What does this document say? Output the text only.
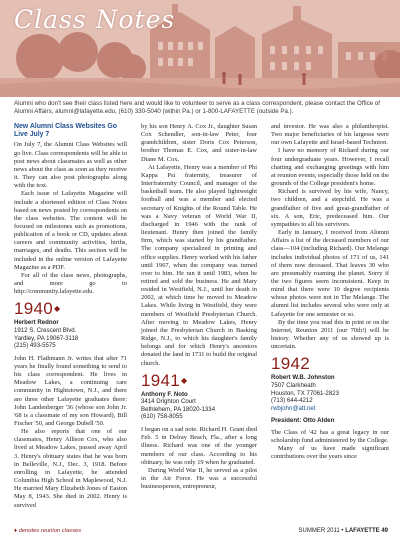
Class Notes
Alumni who don't see their class listed here and would like to volunteer to serve as a class correspondent, please contact the Office of Alumni Affairs, alumni@lafayette.edu, (610) 330-5040 (within Pa.) or 1-800-LAFAYETTE (outside Pa.).
New Alumni Class Websites Go Live July 7

On July 7, the Alumni Class Websites will go live. Class correspondents will be able to post news about classmates as well as other news about the class as soon as they receive it. They can also post photographs along with the text.

Each issue of Lafayette Magazine will include a shortened edition of Class Notes based on news posted by correspondents on the class websites. The content will be focused on milestones such as promotions, publication of a book or CD, updates about careers and community activities, births, marriages, and deaths. This section will be included in the online version of Lafayette Magazine as a PDF.

For all of the class news, photographs, and more go to http://community.lafayette.edu.

1940◆
Herbert Rednor
1912 S. Crescent Blvd.
Yardley, PA 19067-3118
(215) 493-5575

John H. Flathmann Jr. writes that after 71 years he finally found something to send to his class correspondent. He lives in Meadow Lakes, a continuing care community in Hightstown, N.J., and there are three other Lafayette graduates there: John Landenberger '36 (whose son John Jr. '68 is a classmate of my son Howard), Bill Fischer '50, and George Dubell '50.

He also reports that one of our classmates, Henry Allison Cox, who also lived at Meadow Lakes, passed away April 3. Henry's obituary states that he was born in Belleville, N.J., Dec. 3, 1918. Before enrolling in Lafayette, he attended Columbia High School in Maplewood, N.J. He married Mary Elizabeth Jones of Easton May 8, 1943. She died in 2002. Henry is survived

by his son Henry A. Cox Jr., daughter Susan Cox Schendler, son-in-law Peter, four grandchildren, sister Doris Cox Peterson, brother Thomas E. Cox, and sister-in-law Diane M. Cox.

At Lafayette, Henry was a member of Phi Kappa Psi fraternity, treasurer of Interfraternity Council, and manager of the basketball team. He also played lightweight football and was a member and elected secretary of Knights of the Round Table. He was a Navy veteran of World War II, discharged in 1946 with the rank of lieutenant. Henry then joined the family firm, which was started by his grandfather. The company specialized in printing and office supplies. Henry worked with his father until 1967, when the company was turned over to him. He ran it until 1983, when he retired and sold the business. He and Mary resided in Westfield, N.J., until her death in 2002, at which time he moved to Meadow Lakes. While living in Westfield, they were members of Westfield Presbyterian Church. After moving to Meadow Lakes, Henry joined the Presbyterian Church in Basking Ridge, N.J., to which his daughter's family belongs and for which Henry's ancestors donated the land in 1731 to build the original church.

1941◆
Anthony F. Noto
3414 Drighton Court
Bethlehem, PA 18020-1334
(610) 758-8055

I began on a sad note. Richard H. Grant died Feb. 5 in Delray Beach, Fla., after a long illness. Richard was one of the younger members of our class. According to his obituary, he was only 19 when he graduated.

During World War II, he served as a pilot in the Air Force. He was a successful businessperson, entrepreneur,

and investor. He was also a philanthropist. Two major beneficiaries of his largesse were our own Lafayette and Israel-based Technion.

I have no memory of Richard during our four undergraduate years. However, I recall chatting and exchanging greetings with him at reunion events, especially those held on the grounds of the College president's home.

Richard is survived by his wife, Nancy, two children, and a stepchild. He was a grandfather of five and great-grandfather of six. A son, Eric, predeceased him. Our sympathies to all his survivors.

Early in January, I received from Alumni Affairs a list of the deceased members of our class—104 (including Richard). Our Melange includes individual photos of 171 of us, 141 of them now deceased. That leaves 30 who are presumably roaming the planet. Sorry if the two figures seem inconsistent. Keep in mind that there were 10 degree recipients whose photos were not in The Melange. The alumni list includes several who were only at Lafayette for one semester or so.

By the time you read this in print or on the Internet, Reunion 2011 (our 70th!) will be history. Whether any of us showed up is uncertain.

1942
Robert W.B. Johnston
7507 Clarkheath
Houston, TX 77061-2823
(713) 644-4212
rwbjohn@att.net
President: Otto Alden

The Class of '42 has a great legacy in our scholarship fund administered by the College.

Many of us have made significant contributions over the years since

♦ denotes reunion classes	SUMMER 2011 • LAFAYETTE 49
